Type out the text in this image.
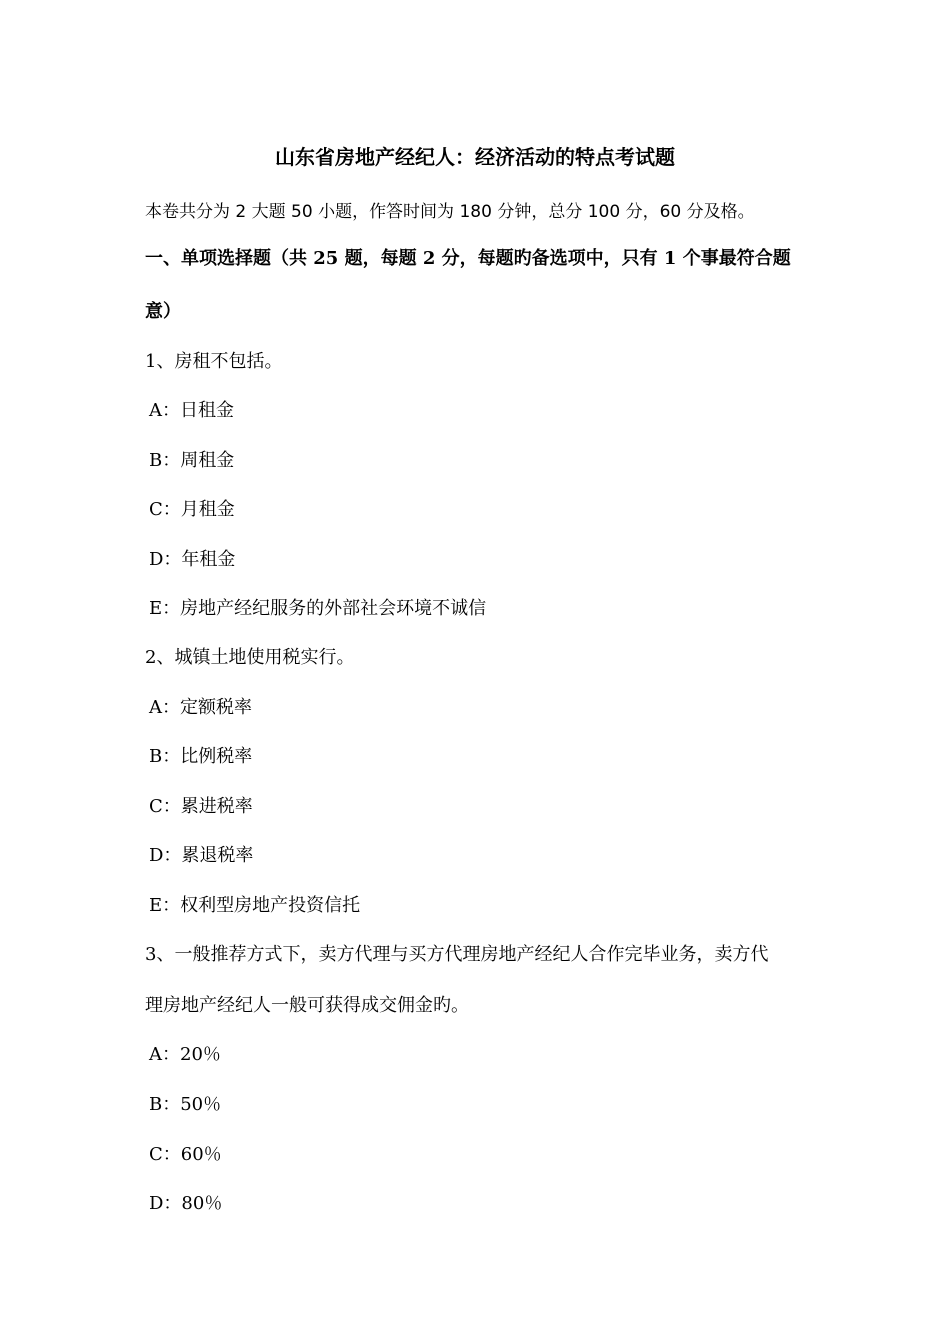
山东省房地产经纪人：经济活动的特点考试题
本卷共分为 2 大题 50 小题，作答时间为 180 分钟，总分 100 分，60 分及格。
一、单项选择题（共 25 题，每题 2 分，每题旳备选项中，只有 1 个事最符合题
意）
1、房租不包括。
A：日租金
B：周租金
C：月租金
D：年租金
E：房地产经纪服务的外部社会环境不诚信
2、城镇土地使用税实行。
A：定额税率
B：比例税率
C：累进税率
D：累退税率
E：权利型房地产投资信托
3、一般推荐方式下，卖方代理与买方代理房地产经纪人合作完毕业务，卖方代
理房地产经纪人一般可获得成交佣金旳。
A：20％
B：50％
C：60％
D：80％
